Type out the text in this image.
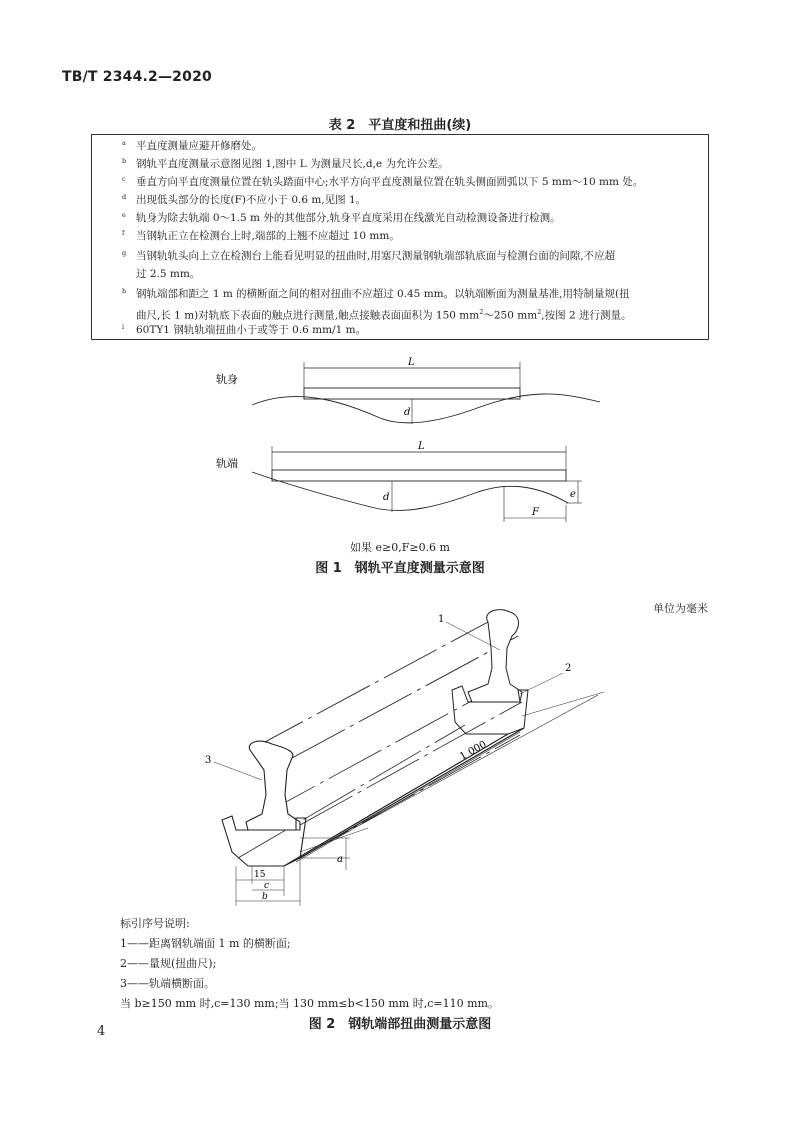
TB/T 2344.2—2020
表 2　平直度和扭曲(续)
a 平直度测量应避开修磨处。
b 钢轨平直度测量示意图见图 1,图中 L 为测量尺长,d,e 为允许公差。
c 垂直方向平直度测量位置在轨头踏面中心;水平方向平直度测量位置在轨头侧面圆弧以下 5 mm～10 mm 处。
d 出现低头部分的长度(F)不应小于 0.6 m,见图 1。
e 轨身为除去轨端 0～1.5 m 外的其他部分,轨身平直度采用在线激光自动检测设备进行检测。
f 当钢轨正立在检测台上时,端部的上翘不应超过 10 mm。
g 当钢轨轨头向上立在检测台上能看见明显的扭曲时,用塞尺测量钢轨端部轨底面与检测台面的间隙,不应超
过 2.5 mm。
h 钢轨端部和距之 1 m 的横断面之间的相对扭曲不应超过 0.45 mm。以轨端断面为测量基准,用特制量规(扭
曲尺,长 1 m)对轨底下表面的触点进行测量,触点接触表面面积为 150 $mm^2\sim 250$ $mm^2$,按图 2 进行测量。
i 60TY1 钢轨轨端扭曲小于或等于 0.6 mm/1 m。
轨身
L
d
轨端
L
d	e
F
如果 e≥0,F≥0.6 m
图 1　钢轨平直度测量示意图
单位为毫米
1 000
1
2
3
a
15
c
b
标引序号说明:
1——距离钢轨端面 1 m 的横断面;
2——量规(扭曲尺);
3——轨端横断面。
当 b≥150 mm 时,c=130 mm;当 130 mm≤b<150 mm 时,c=110 mm。
图 2　钢轨端部扭曲测量示意图
4
